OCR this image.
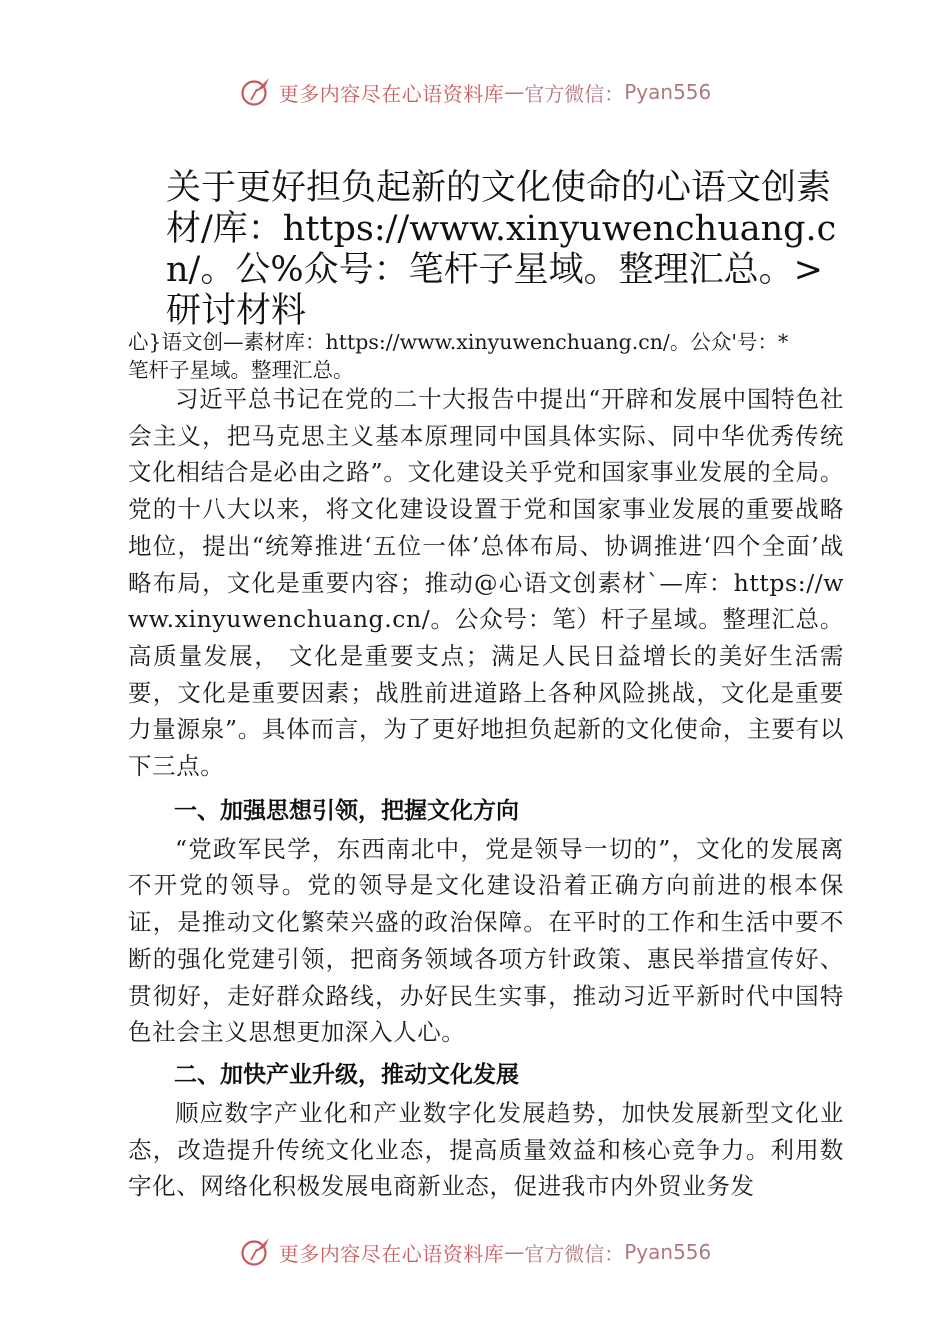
更多内容尽在心语资料库 — 官方微信： Pyan556
关于更好担负起新的文化使命的心语文创素材/库：https://www.xinyuwenchuang.cn/。公%众号：笔杆子星域。整理汇总。>研讨材料

心}语文创—素材库：https://www.xinyuwenchuang.cn/。公众'号：*笔杆子星域。整理汇总。

习近平总书记在党的二十大报告中提出“开辟和发展中国特色社会主义，把马克思主义基本原理同中国具体实际、同中华优秀传统文化相结合是必由之路”。文化建设关乎党和国家事业发展的全局。党的十八大以来，将文化建设设置于党和国家事业发展的重要战略地位，提出“统筹推进‘五位一体’总体布局、协调推进‘四个全面’战略布局，文化是重要内容；推动@心语文创素材`—库：https://www.xinyuwenchuang.cn/。公众号：笔）杆子星域。整理汇总。高质量发展， 文化是重要支点；满足人民日益增长的美好生活需要，文化是重要因素；战胜前进道路上各种风险挑战，文化是重要力量源泉”。具体而言，为了更好地担负起新的文化使命，主要有以下三点。

一、加强思想引领，把握文化方向

“党政军民学，东西南北中，党是领导一切的”，文化的发展离不开党的领导。党的领导是文化建设沿着正确方向前进的根本保证，是推动文化繁荣兴盛的政治保障。在平时的工作和生活中要不断的强化党建引领，把商务领域各项方针政策、惠民举措宣传好、贯彻好，走好群众路线，办好民生实事，推动习近平新时代中国特色社会主义思想更加深入人心。

二、加快产业升级，推动文化发展

顺应数字产业化和产业数字化发展趋势，加快发展新型文化业态，改造提升传统文化业态，提高质量效益和核心竞争力。利用数字化、网络化积极发展电商新业态，促进我市内外贸业务发

更多内容尽在心语资料库 — 官方微信： Pyan556
